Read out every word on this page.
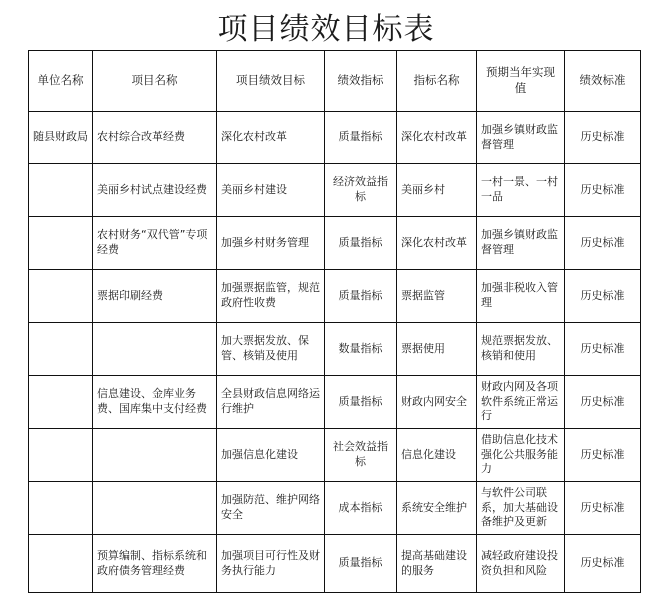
项目绩效目标表
单位名称	项目名称	项目绩效目标	绩效指标	指标名称	预期当年实现值	绩效标准
随县财政局	农村综合改革经费	深化农村改革	质量指标	深化农村改革	加强乡镇财政监督管理	历史标准
	美丽乡村试点建设经费	美丽乡村建设	经济效益指标	美丽乡村	一村一景、一村一品	历史标准
	农村财务“双代管”专项经费	加强乡村财务管理	质量指标	深化农村改革	加强乡镇财政监督管理	历史标准
	票据印刷经费	加强票据监管，规范政府性收费	质量指标	票据监管	加强非税收入管理	历史标准
		加大票据发放、保管、核销及使用	数量指标	票据使用	规范票据发放、核销和使用	历史标准
	信息建设、金库业务费、国库集中支付经费	全县财政信息网络运行维护	质量指标	财政内网安全	财政内网及各项软件系统正常运行	历史标准
		加强信息化建设	社会效益指标	信息化建设	借助信息化技术强化公共服务能力	历史标准
		加强防范、维护网络安全	成本指标	系统安全维护	与软件公司联系，加大基础设备维护及更新	历史标准
	预算编制、指标系统和政府债务管理经费	加强项目可行性及财务执行能力	质量指标	提高基础建设的服务	减轻政府建设投资负担和风险	历史标准
